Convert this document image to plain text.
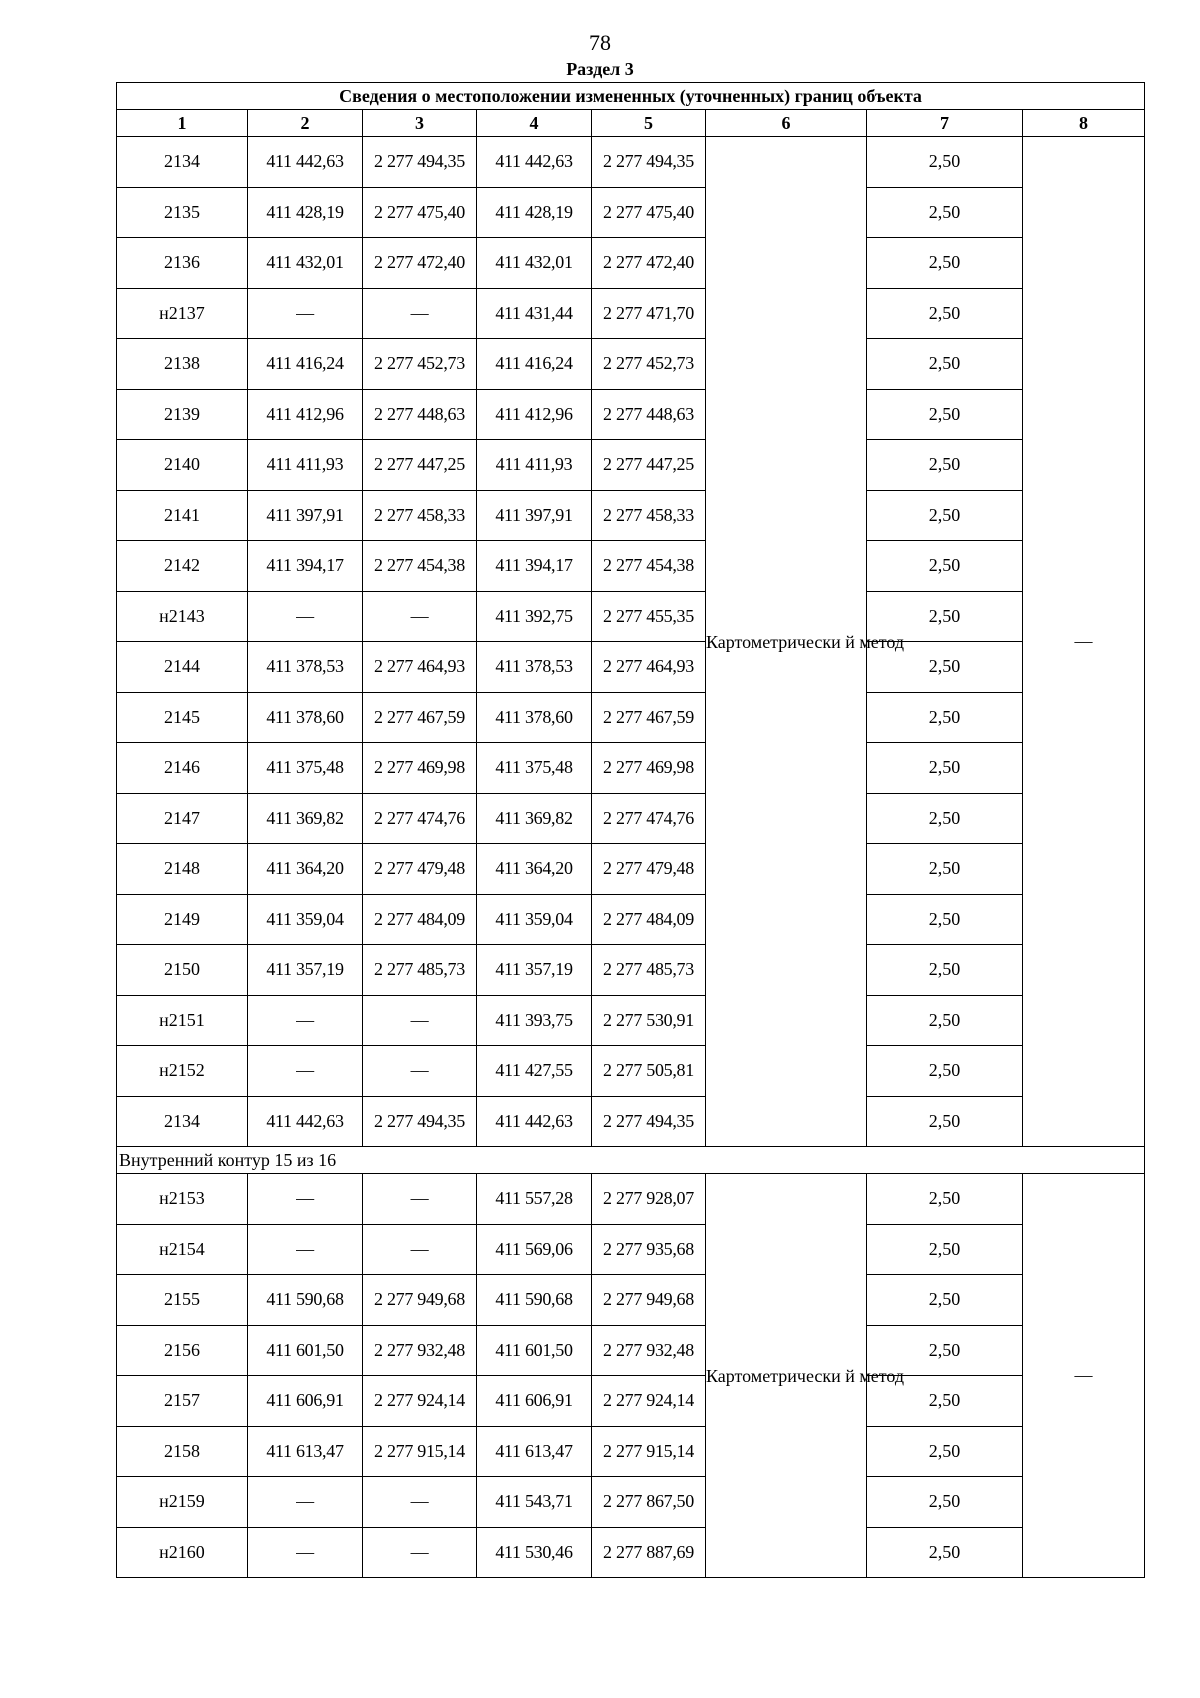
78
Раздел 3
Сведения о местоположении измененных (уточненных) границ объекта							
1	2	3	4	5	6	7	8
2134	411 442,63	2 277 494,35	411 442,63	2 277 494,35	Картометрически й метод	2,50	—
2135	411 428,19	2 277 475,40	411 428,19	2 277 475,40		2,50	
2136	411 432,01	2 277 472,40	411 432,01	2 277 472,40		2,50	
н2137	—	—	411 431,44	2 277 471,70		2,50	
2138	411 416,24	2 277 452,73	411 416,24	2 277 452,73		2,50	
2139	411 412,96	2 277 448,63	411 412,96	2 277 448,63		2,50	
2140	411 411,93	2 277 447,25	411 411,93	2 277 447,25		2,50	
2141	411 397,91	2 277 458,33	411 397,91	2 277 458,33		2,50	
2142	411 394,17	2 277 454,38	411 394,17	2 277 454,38		2,50	
н2143	—	—	411 392,75	2 277 455,35		2,50	
2144	411 378,53	2 277 464,93	411 378,53	2 277 464,93		2,50	
2145	411 378,60	2 277 467,59	411 378,60	2 277 467,59		2,50	
2146	411 375,48	2 277 469,98	411 375,48	2 277 469,98		2,50	
2147	411 369,82	2 277 474,76	411 369,82	2 277 474,76		2,50	
2148	411 364,20	2 277 479,48	411 364,20	2 277 479,48		2,50	
2149	411 359,04	2 277 484,09	411 359,04	2 277 484,09		2,50	
2150	411 357,19	2 277 485,73	411 357,19	2 277 485,73		2,50	
н2151	—	—	411 393,75	2 277 530,91		2,50	
н2152	—	—	411 427,55	2 277 505,81		2,50	
2134	411 442,63	2 277 494,35	411 442,63	2 277 494,35		2,50	
Внутренний контур 15 из 16							
н2153	—	—	411 557,28	2 277 928,07	Картометрически й метод	2,50	—
н2154	—	—	411 569,06	2 277 935,68		2,50	
2155	411 590,68	2 277 949,68	411 590,68	2 277 949,68		2,50	
2156	411 601,50	2 277 932,48	411 601,50	2 277 932,48		2,50	
2157	411 606,91	2 277 924,14	411 606,91	2 277 924,14		2,50	
2158	411 613,47	2 277 915,14	411 613,47	2 277 915,14		2,50	
н2159	—	—	411 543,71	2 277 867,50		2,50	
н2160	—	—	411 530,46	2 277 887,69		2,50	
